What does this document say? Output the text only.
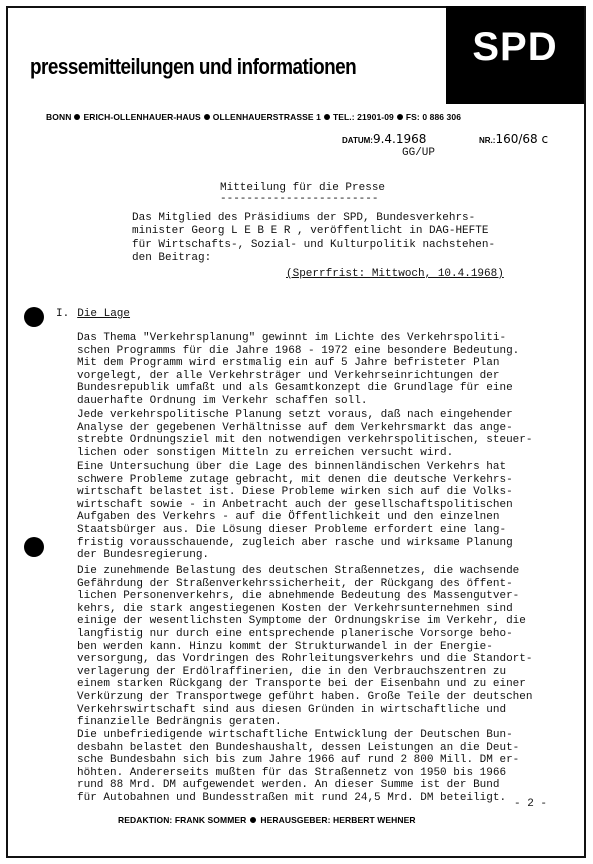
pressemitteilungen und informationen	SPD
BONN ERICH-OLLENHAUER-HAUS OLLENHAUERSTRASSE 1 TEL.: 21901-09 FS: 0 886 306
DATUM:9.4.1968	NR.:160/68 c
GG/UP
Mitteilung für die Presse
------------------------
Das Mitglied des Präsidiums der SPD, Bundesverkehrs-
minister Georg L E B E R , veröffentlicht in DAG-HEFTE
für Wirtschafts-, Sozial- und Kulturpolitik nachstehen-
den Beitrag:
(Sperrfrist: Mittwoch, 10.4.1968)
I. Die Lage
Das Thema "Verkehrsplanung" gewinnt im Lichte des Verkehrspoliti-
schen Programms für die Jahre 1968 - 1972 eine besondere Bedeutung.
Mit dem Programm wird erstmalig ein auf 5 Jahre befristeter Plan
vorgelegt, der alle Verkehrsträger und Verkehrseinrichtungen der
Bundesrepublik umfaßt und als Gesamtkonzept die Grundlage für eine
dauerhafte Ordnung im Verkehr schaffen soll.
Jede verkehrspolitische Planung setzt voraus, daß nach eingehender
Analyse der gegebenen Verhältnisse auf dem Verkehrsmarkt das ange-
strebte Ordnungsziel mit den notwendigen verkehrspolitischen, steuer-
lichen oder sonstigen Mitteln zu erreichen versucht wird.
Eine Untersuchung über die Lage des binnenländischen Verkehrs hat
schwere Probleme zutage gebracht, mit denen die deutsche Verkehrs-
wirtschaft belastet ist. Diese Probleme wirken sich auf die Volks-
wirtschaft sowie - in Anbetracht auch der gesellschaftspolitischen
Aufgaben des Verkehrs - auf die Öffentlichkeit und den einzelnen
Staatsbürger aus. Die Lösung dieser Probleme erfordert eine lang-
fristig vorausschauende, zugleich aber rasche und wirksame Planung
der Bundesregierung.
Die zunehmende Belastung des deutschen Straßennetzes, die wachsende
Gefährdung der Straßenverkehrssicherheit, der Rückgang des öffent-
lichen Personenverkehrs, die abnehmende Bedeutung des Massengutver-
kehrs, die stark angestiegenen Kosten der Verkehrsunternehmen sind
einige der wesentlichsten Symptome der Ordnungskrise im Verkehr, die
langfistig nur durch eine entsprechende planerische Vorsorge beho-
ben werden kann. Hinzu kommt der Strukturwandel in der Energie-
versorgung, das Vordringen des Rohrleitungsverkehrs und die Standort-
verlagerung der Erdölraffinerien, die in den Verbrauchszentren zu
einem starken Rückgang der Transporte bei der Eisenbahn und zu einer
Verkürzung der Transportwege geführt haben. Große Teile der deutschen
Verkehrswirtschaft sind aus diesen Gründen in wirtschaftliche und
finanzielle Bedrängnis geraten.
Die unbefriedigende wirtschaftliche Entwicklung der Deutschen Bun-
desbahn belastet den Bundeshaushalt, dessen Leistungen an die Deut-
sche Bundesbahn sich bis zum Jahre 1966 auf rund 2 800 Mill. DM er-
höhten. Andererseits mußten für das Straßennetz von 1950 bis 1966
rund 88 Mrd. DM aufgewendet werden. An dieser Summe ist der Bund
für Autobahnen und Bundesstraßen mit rund 24,5 Mrd. DM beteiligt.
- 2 -
REDAKTION: FRANK SOMMER HERAUSGEBER: HERBERT WEHNER
